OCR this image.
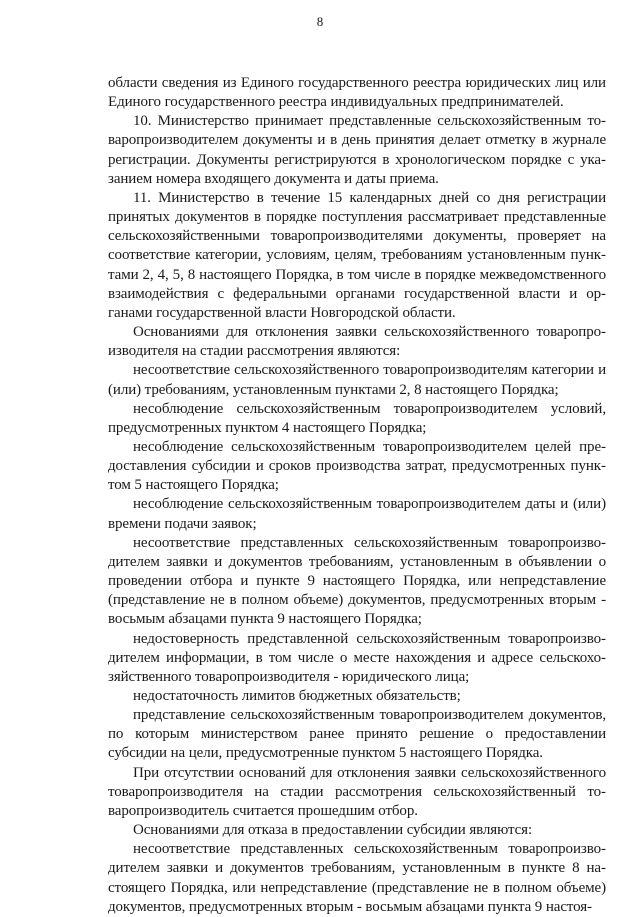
8

области сведения из Единого государственного реестра юридических лиц или Единого государственного реестра индивидуальных предпринимателей.

10. Министерство принимает представленные сельскохозяйственным товаропроизводителем документы и в день принятия делает отметку в журнале регистрации. Документы регистрируются в хронологическом порядке с указанием номера входящего документа и даты приема.

11. Министерство в течение 15 календарных дней со дня регистрации принятых документов в порядке поступления рассматривает представленные сельскохозяйственными товаропроизводителями документы, проверяет на соответствие категории, условиям, целям, требованиям установленным пунктами 2, 4, 5, 8 настоящего Порядка, в том числе в порядке межведомственного взаимодействия с федеральными органами государственной власти и органами государственной власти Новгородской области.

Основаниями для отклонения заявки сельскохозяйственного товаропроизводителя на стадии рассмотрения являются:

несоответствие сельскохозяйственного товаропроизводителям категории и (или) требованиям, установленным пунктами 2, 8 настоящего Порядка;

несоблюдение сельскохозяйственным товаропроизводителем условий, предусмотренных пунктом 4 настоящего Порядка;

несоблюдение сельскохозяйственным товаропроизводителем целей предоставления субсидии и сроков производства затрат, предусмотренных пунктом 5 настоящего Порядка;

несоблюдение сельскохозяйственным товаропроизводителем даты и (или) времени подачи заявок;

несоответствие представленных сельскохозяйственным товаропроизводителем заявки и документов требованиям, установленным в объявлении о проведении отбора и пункте 9 настоящего Порядка, или непредставление (представление не в полном объеме) документов, предусмотренных вторым - восьмым абзацами пункта 9 настоящего Порядка;

недостоверность представленной сельскохозяйственным товаропроизводителем информации, в том числе о месте нахождения и адресе сельскохозяйственного товаропроизводителя - юридического лица;

недостаточность лимитов бюджетных обязательств;

представление сельскохозяйственным товаропроизводителем документов, по которым министерством ранее принято решение о предоставлении субсидии на цели, предусмотренные пунктом 5 настоящего Порядка.

При отсутствии оснований для отклонения заявки сельскохозяйственного товаропроизводителя на стадии рассмотрения сельскохозяйственный товаропроизводитель считается прошедшим отбор.

Основаниями для отказа в предоставлении субсидии являются:

несоответствие представленных сельскохозяйственным товаропроизводителем заявки и документов требованиям, установленным в пункте 8 настоящего Порядка, или непредставление (представление не в полном объеме) документов, предусмотренных вторым - восьмым абзацами пункта 9 настоя-
